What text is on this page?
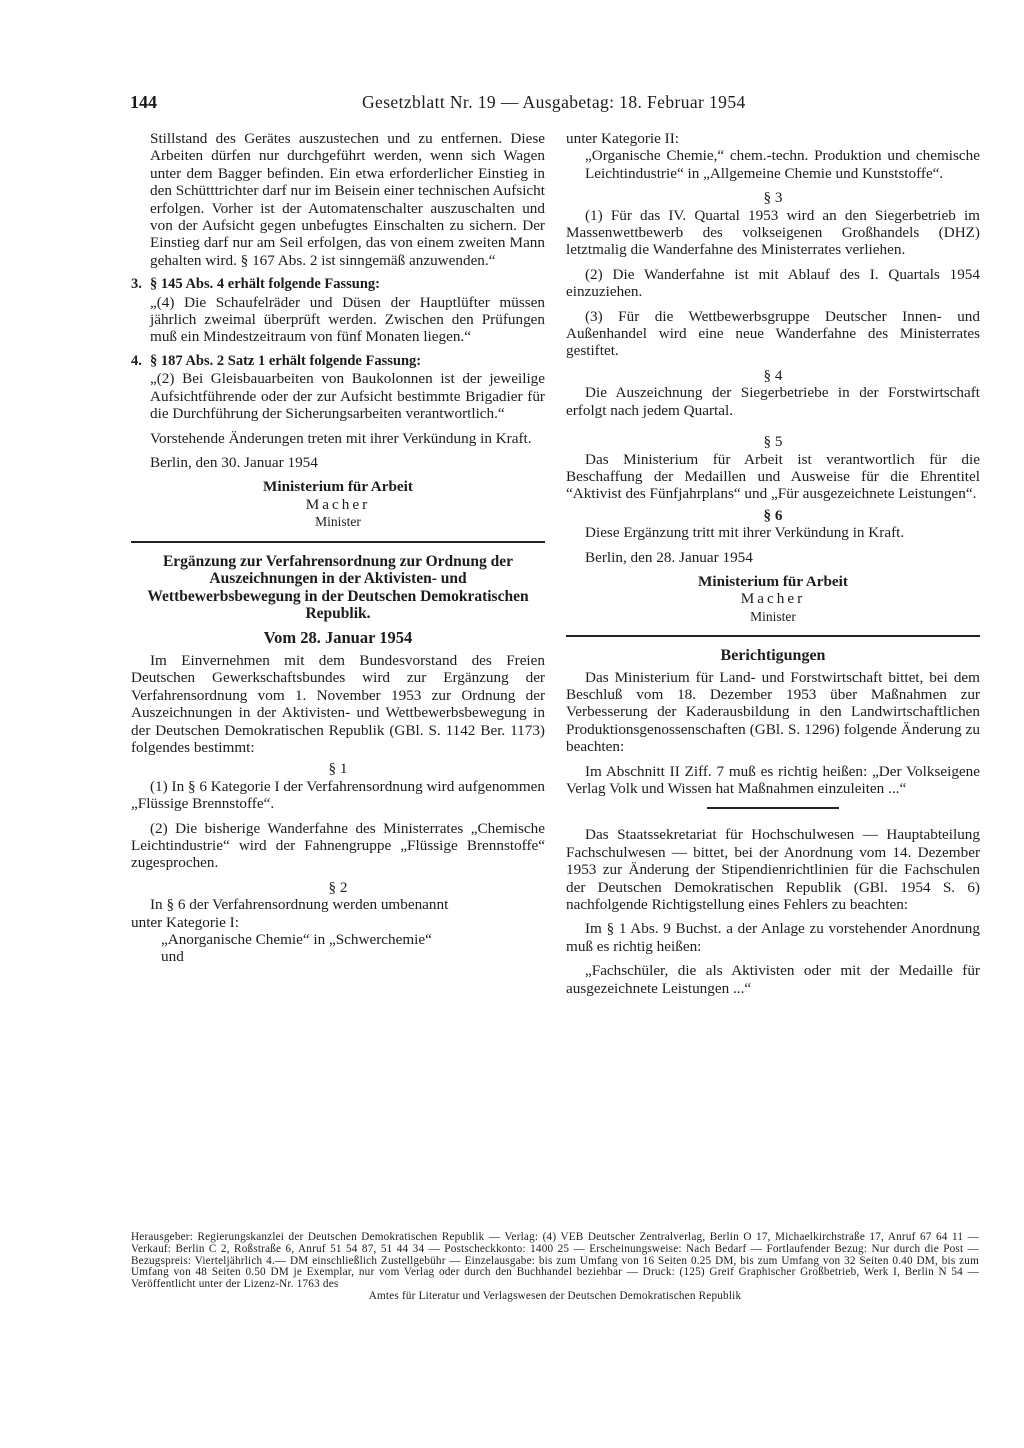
144	Gesetzblatt Nr. 19 — Ausgabetag: 18. Februar 1954

Stillstand des Gerätes auszustechen und zu entfernen. Diese Arbeiten dürfen nur durchgeführt werden, wenn sich Wagen unter dem Bagger befinden. Ein etwa erforderlicher Einstieg in den Schütttrichter darf nur im Beisein einer technischen Aufsicht erfolgen. Vorher ist der Automatenschalter auszuschalten und von der Aufsicht gegen unbefugtes Einschalten zu sichern. Der Einstieg darf nur am Seil erfolgen, das von einem zweiten Mann gehalten wird. § 167 Abs. 2 ist sinngemäß anzuwenden.“

3. § 145 Abs. 4 erhält folgende Fassung:

„(4) Die Schaufelräder und Düsen der Hauptlüfter müssen jährlich zweimal überprüft werden. Zwischen den Prüfungen muß ein Mindestzeitraum von fünf Monaten liegen.“

4. § 187 Abs. 2 Satz 1 erhält folgende Fassung:

„(2) Bei Gleisbauarbeiten von Baukolonnen ist der jeweilige Aufsichtführende oder der zur Aufsicht bestimmte Brigadier für die Durchführung der Sicherungsarbeiten verantwortlich.“

Vorstehende Änderungen treten mit ihrer Verkündung in Kraft.

Berlin, den 30. Januar 1954

Ministerium für Arbeit

Macher

Minister

Ergänzung zur Verfahrensordnung zur Ordnung der Auszeichnungen in der Aktivisten- und Wettbewerbsbewegung in der Deutschen Demokratischen Republik.

Vom 28. Januar 1954

Im Einvernehmen mit dem Bundesvorstand des Freien Deutschen Gewerkschaftsbundes wird zur Ergänzung der Verfahrensordnung vom 1. November 1953 zur Ordnung der Auszeichnungen in der Aktivisten- und Wettbewerbsbewegung in der Deutschen Demokratischen Republik (GBl. S. 1142 Ber. 1173) folgendes bestimmt:

§ 1

(1) In § 6 Kategorie I der Verfahrensordnung wird aufgenommen „Flüssige Brennstoffe“.

(2) Die bisherige Wanderfahne des Ministerrates „Chemische Leichtindustrie“ wird der Fahnengruppe „Flüssige Brennstoffe“ zugesprochen.

§ 2

In § 6 der Verfahrensordnung werden umbenannt

unter Kategorie I:

„Anorganische Chemie“ in „Schwerchemie“

und

unter Kategorie II:

„Organische Chemie,“ chem.-techn. Produktion und chemische Leichtindustrie“ in „Allgemeine Chemie und Kunststoffe“.

§ 3

(1) Für das IV. Quartal 1953 wird an den Siegerbetrieb im Massenwettbewerb des volkseigenen Großhandels (DHZ) letztmalig die Wanderfahne des Ministerrates verliehen.

(2) Die Wanderfahne ist mit Ablauf des I. Quartals 1954 einzuziehen.

(3) Für die Wettbewerbsgruppe Deutscher Innen- und Außenhandel wird eine neue Wanderfahne des Ministerrates gestiftet.

§ 4

Die Auszeichnung der Siegerbetriebe in der Forstwirtschaft erfolgt nach jedem Quartal.

§ 5

Das Ministerium für Arbeit ist verantwortlich für die Beschaffung der Medaillen und Ausweise für die Ehrentitel “Aktivist des Fünfjahrplans“ und „Für ausgezeichnete Leistungen“.

§ 6

Diese Ergänzung tritt mit ihrer Verkündung in Kraft.

Berlin, den 28. Januar 1954

Ministerium für Arbeit

Macher

Minister

Berichtigungen

Das Ministerium für Land- und Forstwirtschaft bittet, bei dem Beschluß vom 18. Dezember 1953 über Maßnahmen zur Verbesserung der Kaderausbildung in den Landwirtschaftlichen Produktionsgenossenschaften (GBl. S. 1296) folgende Änderung zu beachten:

Im Abschnitt II Ziff. 7 muß es richtig heißen: „Der Volkseigene Verlag Volk und Wissen hat Maßnahmen einzuleiten ...“

Das Staatssekretariat für Hochschulwesen — Hauptabteilung Fachschulwesen — bittet, bei der Anordnung vom 14. Dezember 1953 zur Änderung der Stipendienrichtlinien für die Fachschulen der Deutschen Demokratischen Republik (GBl. 1954 S. 6) nachfolgende Richtigstellung eines Fehlers zu beachten:

Im § 1 Abs. 9 Buchst. a der Anlage zu vorstehender Anordnung muß es richtig heißen:

„Fachschüler, die als Aktivisten oder mit der Medaille für ausgezeichnete Leistungen ...“

Herausgeber: Regierungskanzlei der Deutschen Demokratischen Republik — Verlag: (4) VEB Deutscher Zentralverlag, Berlin O 17, Michaelkirchstraße 17, Anruf 67 64 11 — Verkauf: Berlin C 2, Roßstraße 6, Anruf 51 54 87, 51 44 34 — Postscheckkonto: 1400 25 — Erscheinungsweise: Nach Bedarf — Fortlaufender Bezug: Nur durch die Post — Bezugspreis: Vierteljährlich 4.— DM einschließlich Zustellgebühr — Einzelausgabe: bis zum Umfang von 16 Seiten 0.25 DM, bis zum Umfang von 32 Seiten 0.40 DM, bis zum Umfang von 48 Seiten 0.50 DM je Exemplar, nur vom Verlag oder durch den Buchhandel beziehbar — Druck: (125) Greif Graphischer Großbetrieb, Werk I, Berlin N 54 — Veröffentlicht unter der Lizenz-Nr. 1763 des
Amtes für Literatur und Verlagswesen der Deutschen Demokratischen Republik
